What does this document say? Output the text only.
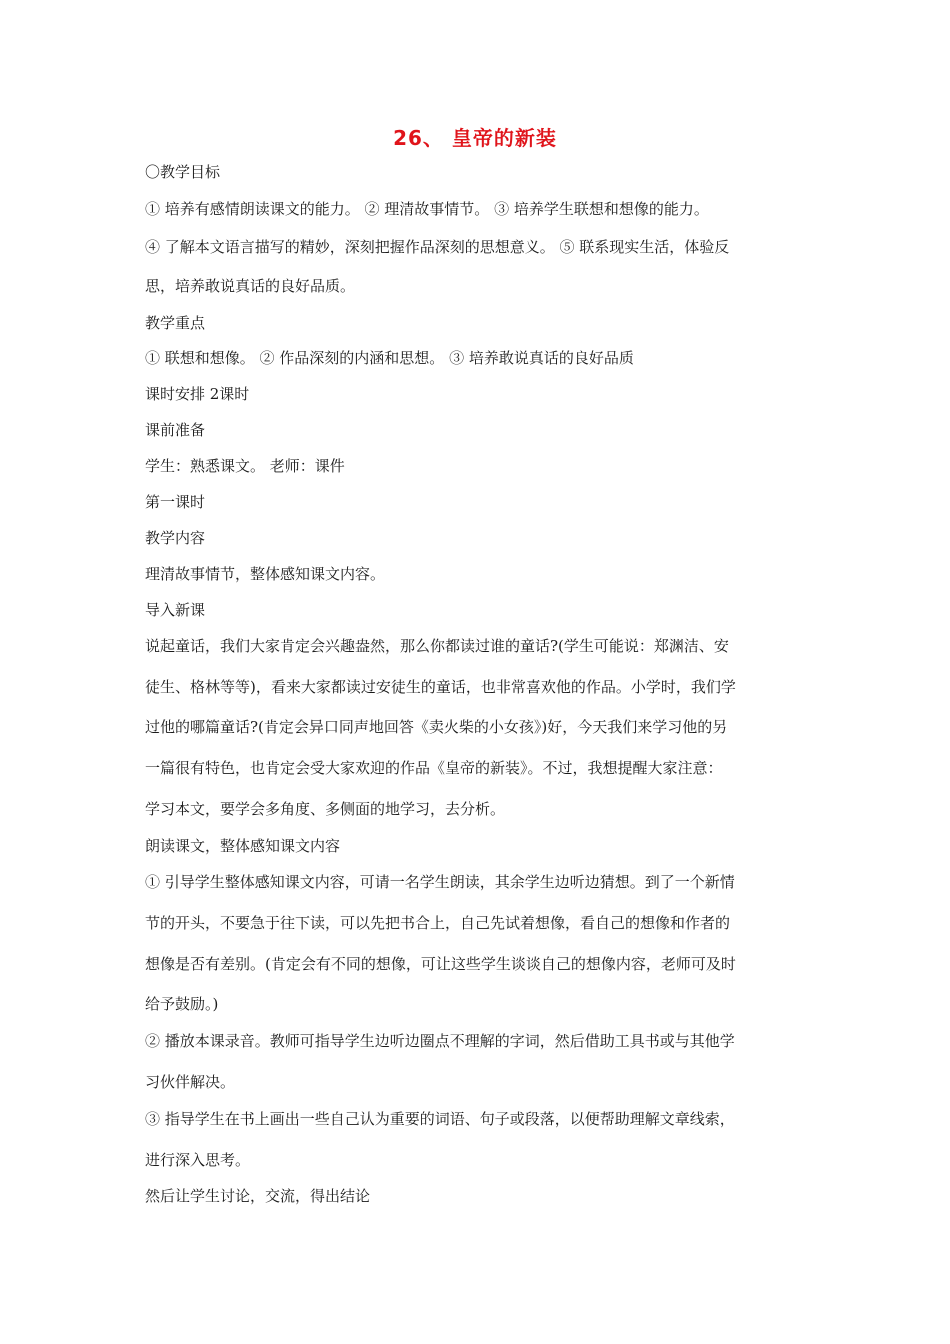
26、 皇帝的新装
〇教学目标
① 培养有感情朗读课文的能力。 ② 理清故事情节。 ③ 培养学生联想和想像的能力。
④ 了解本文语言描写的精妙，深刻把握作品深刻的思想意义。 ⑤ 联系现实生活，体验反
思，培养敢说真话的良好品质。
教学重点
① 联想和想像。 ② 作品深刻的内涵和思想。 ③ 培养敢说真话的良好品质
课时安排 2课时
课前准备
学生：熟悉课文。 老师：课件
第一课时
教学内容
理清故事情节，整体感知课文内容。
导入新课
说起童话，我们大家肯定会兴趣盎然，那么你都读过谁的童话?(学生可能说：郑渊洁、安
徒生、格林等等)，看来大家都读过安徒生的童话，也非常喜欢他的作品。小学时，我们学
过他的哪篇童话?(肯定会异口同声地回答《卖火柴的小女孩》)好，今天我们来学习他的另
一篇很有特色，也肯定会受大家欢迎的作品《皇帝的新装》。不过，我想提醒大家注意：
学习本文，要学会多角度、多侧面的地学习，去分析。
朗读课文，整体感知课文内容
① 引导学生整体感知课文内容，可请一名学生朗读，其余学生边听边猜想。到了一个新情
节的开头，不要急于往下读，可以先把书合上，自己先试着想像，看自己的想像和作者的
想像是否有差别。(肯定会有不同的想像，可让这些学生谈谈自己的想像内容，老师可及时
给予鼓励。)
② 播放本课录音。教师可指导学生边听边圈点不理解的字词，然后借助工具书或与其他学
习伙伴解决。
③ 指导学生在书上画出一些自己认为重要的词语、句子或段落，以便帮助理解文章线索，
进行深入思考。
然后让学生讨论，交流，得出结论
